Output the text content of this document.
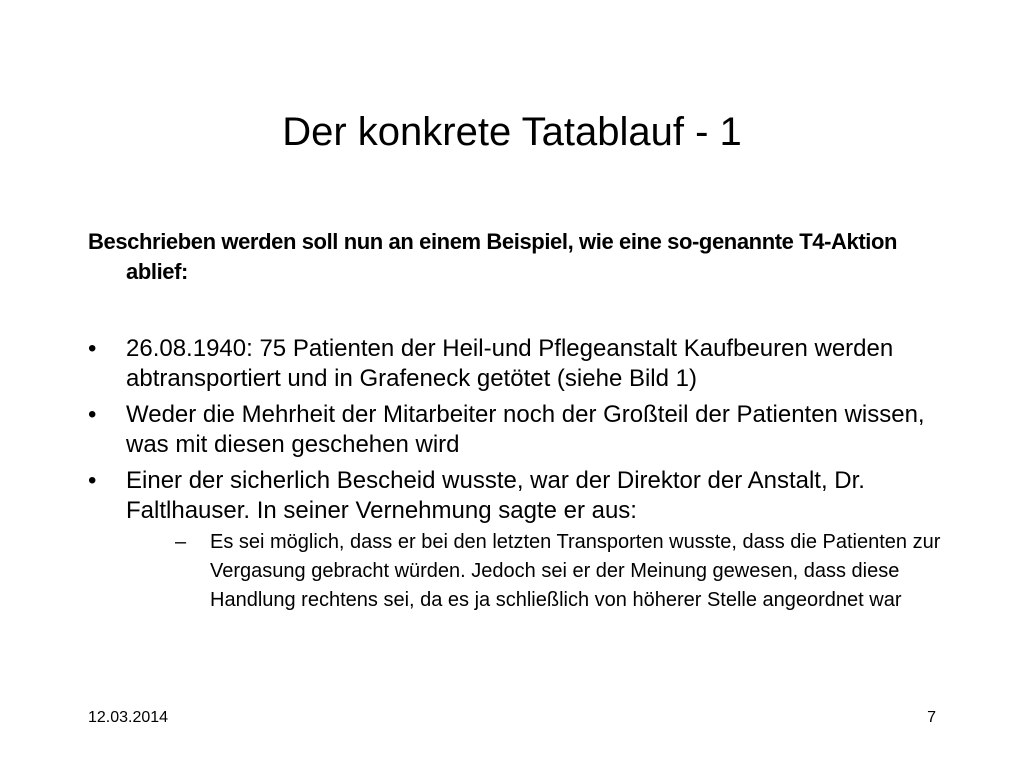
Der konkrete Tatablauf - 1
Beschrieben werden soll nun an einem Beispiel, wie eine so-genannte T4-Aktion ablief:
•	26.08.1940: 75 Patienten der Heil-und Pflegeanstalt Kaufbeuren werden abtransportiert und in Grafeneck getötet (siehe Bild 1)
•	Weder die Mehrheit der Mitarbeiter noch der Großteil der Patienten wissen, was mit diesen geschehen wird
•	Einer der sicherlich Bescheid wusste, war der Direktor der Anstalt, Dr. Faltlhauser. In seiner Vernehmung sagte er aus:
– Es sei möglich, dass er bei den letzten Transporten wusste, dass die Patienten zur Vergasung gebracht würden. Jedoch sei er der Meinung gewesen, dass diese Handlung rechtens sei, da es ja schließlich von höherer Stelle angeordnet war
12.03.2014	7
